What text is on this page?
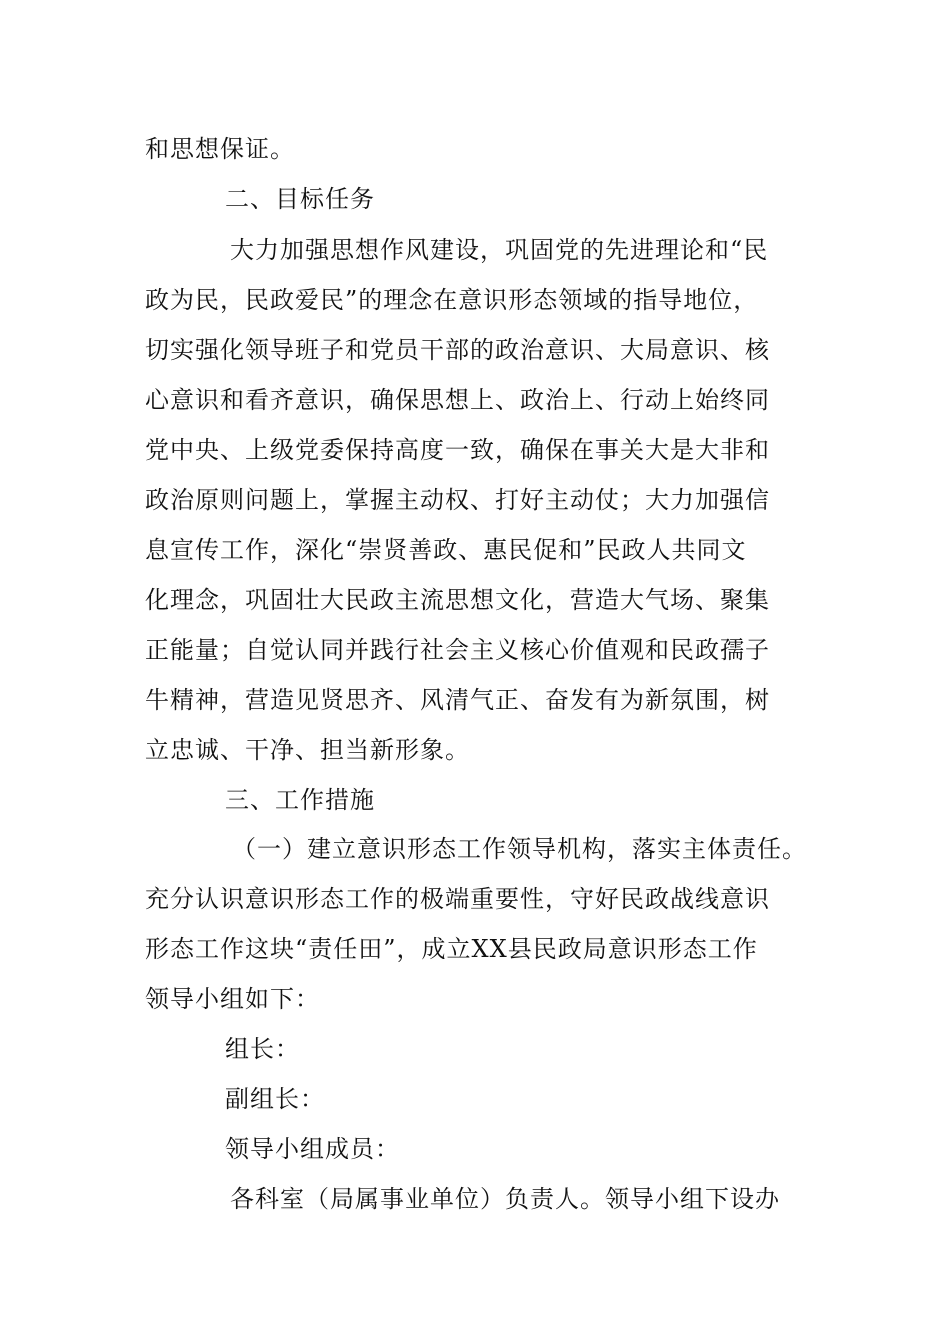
和思想保证。
二、目标任务
大力加强思想作风建设，巩固党的先进理论和“民
政为民，民政爱民”的理念在意识形态领域的指导地位，
切实强化领导班子和党员干部的政治意识、大局意识、核
心意识和看齐意识，确保思想上、政治上、行动上始终同
党中央、上级党委保持高度一致，确保在事关大是大非和
政治原则问题上，掌握主动权、打好主动仗；大力加强信
息宣传工作，深化“崇贤善政、惠民促和”民政人共同文
化理念，巩固壮大民政主流思想文化，营造大气场、聚集
正能量；自觉认同并践行社会主义核心价值观和民政孺子
牛精神，营造见贤思齐、风清气正、奋发有为新氛围，树
立忠诚、干净、担当新形象。
三、工作措施
（一）建立意识形态工作领导机构，落实主体责任。
充分认识意识形态工作的极端重要性，守好民政战线意识
形态工作这块“责任田”，成立XX县民政局意识形态工作
领导小组如下：
组长：
副组长：
领导小组成员：
各科室（局属事业单位）负责人。领导小组下设办
